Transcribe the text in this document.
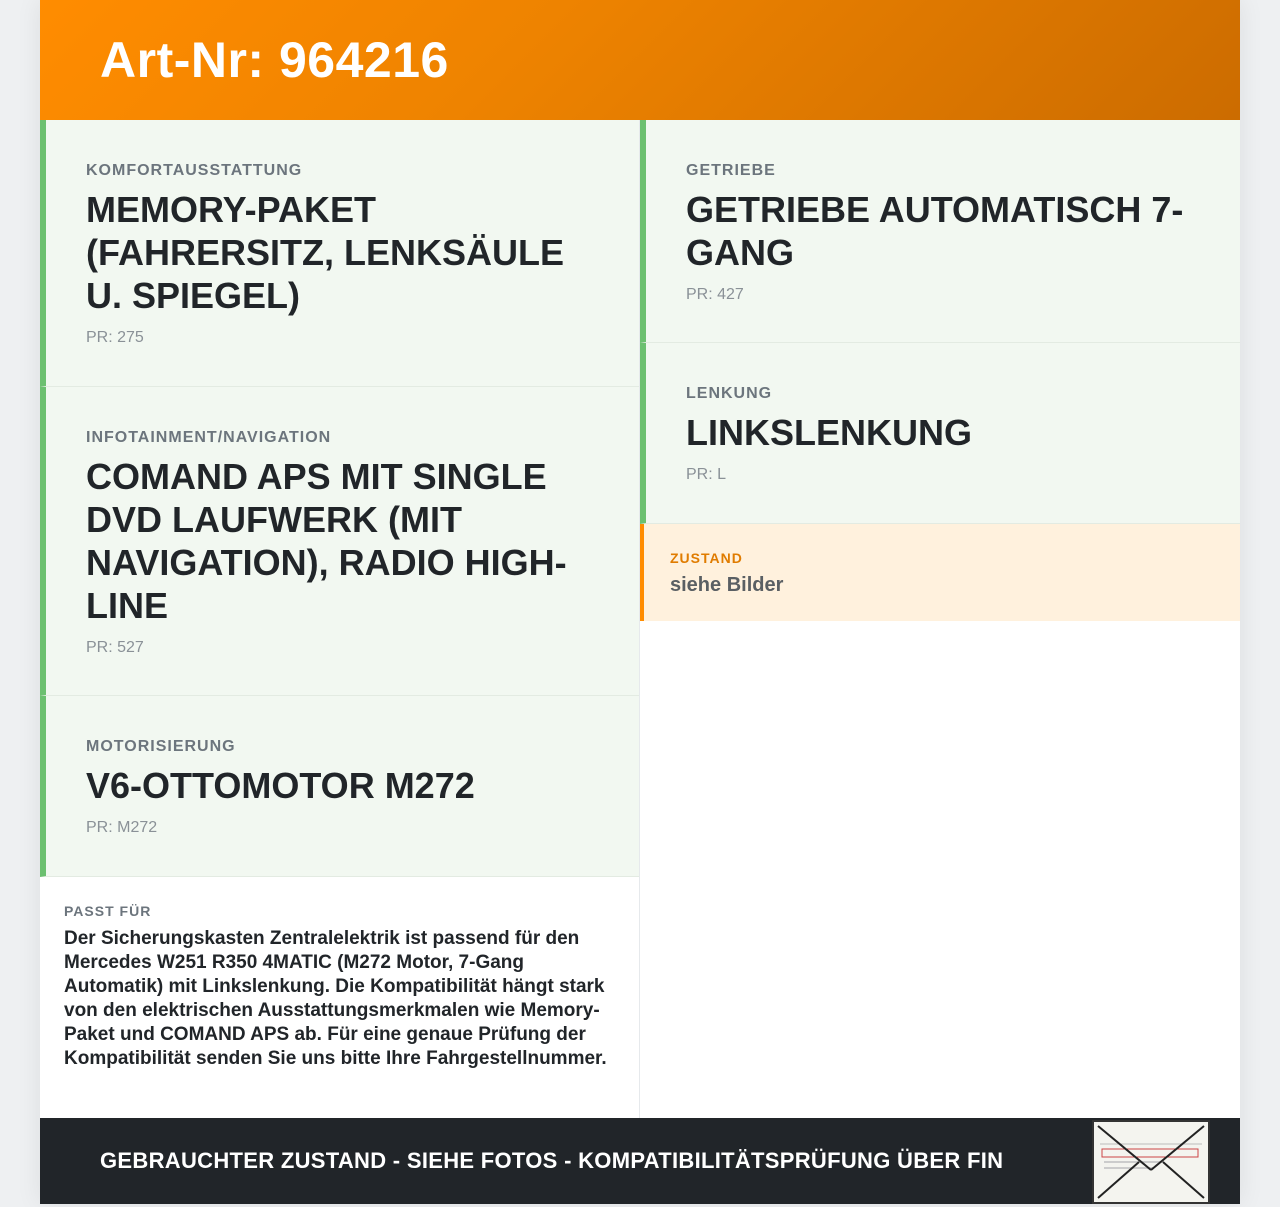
Art-Nr: 964216
KOMFORTAUSSTATTUNG
MEMORY-PAKET (FAHRERSITZ, LENKSÄULE U. SPIEGEL)
PR: 275
INFOTAINMENT/NAVIGATION
COMAND APS MIT SINGLE DVD LAUFWERK (MIT NAVIGATION), RADIO HIGH-LINE
PR: 527
MOTORISIERUNG
V6-OTTOMOTOR M272
PR: M272
PASST FÜR
Der Sicherungskasten Zentralelektrik ist passend für den Mercedes W251 R350 4MATIC (M272 Motor, 7-Gang Automatik) mit Linkslenkung. Die Kompatibilität hängt stark von den elektrischen Ausstattungsmerkmalen wie Memory-Paket und COMAND APS ab. Für eine genaue Prüfung der Kompatibilität senden Sie uns bitte Ihre Fahrgestellnummer.
GETRIEBE
GETRIEBE AUTOMATISCH 7-GANG
PR: 427
LENKUNG
LINKSLENKUNG
PR: L
ZUSTAND
siehe Bilder
GEBRAUCHTER ZUSTAND - SIEHE FOTOS - KOMPATIBILITÄTSPRÜFUNG ÜBER FIN
